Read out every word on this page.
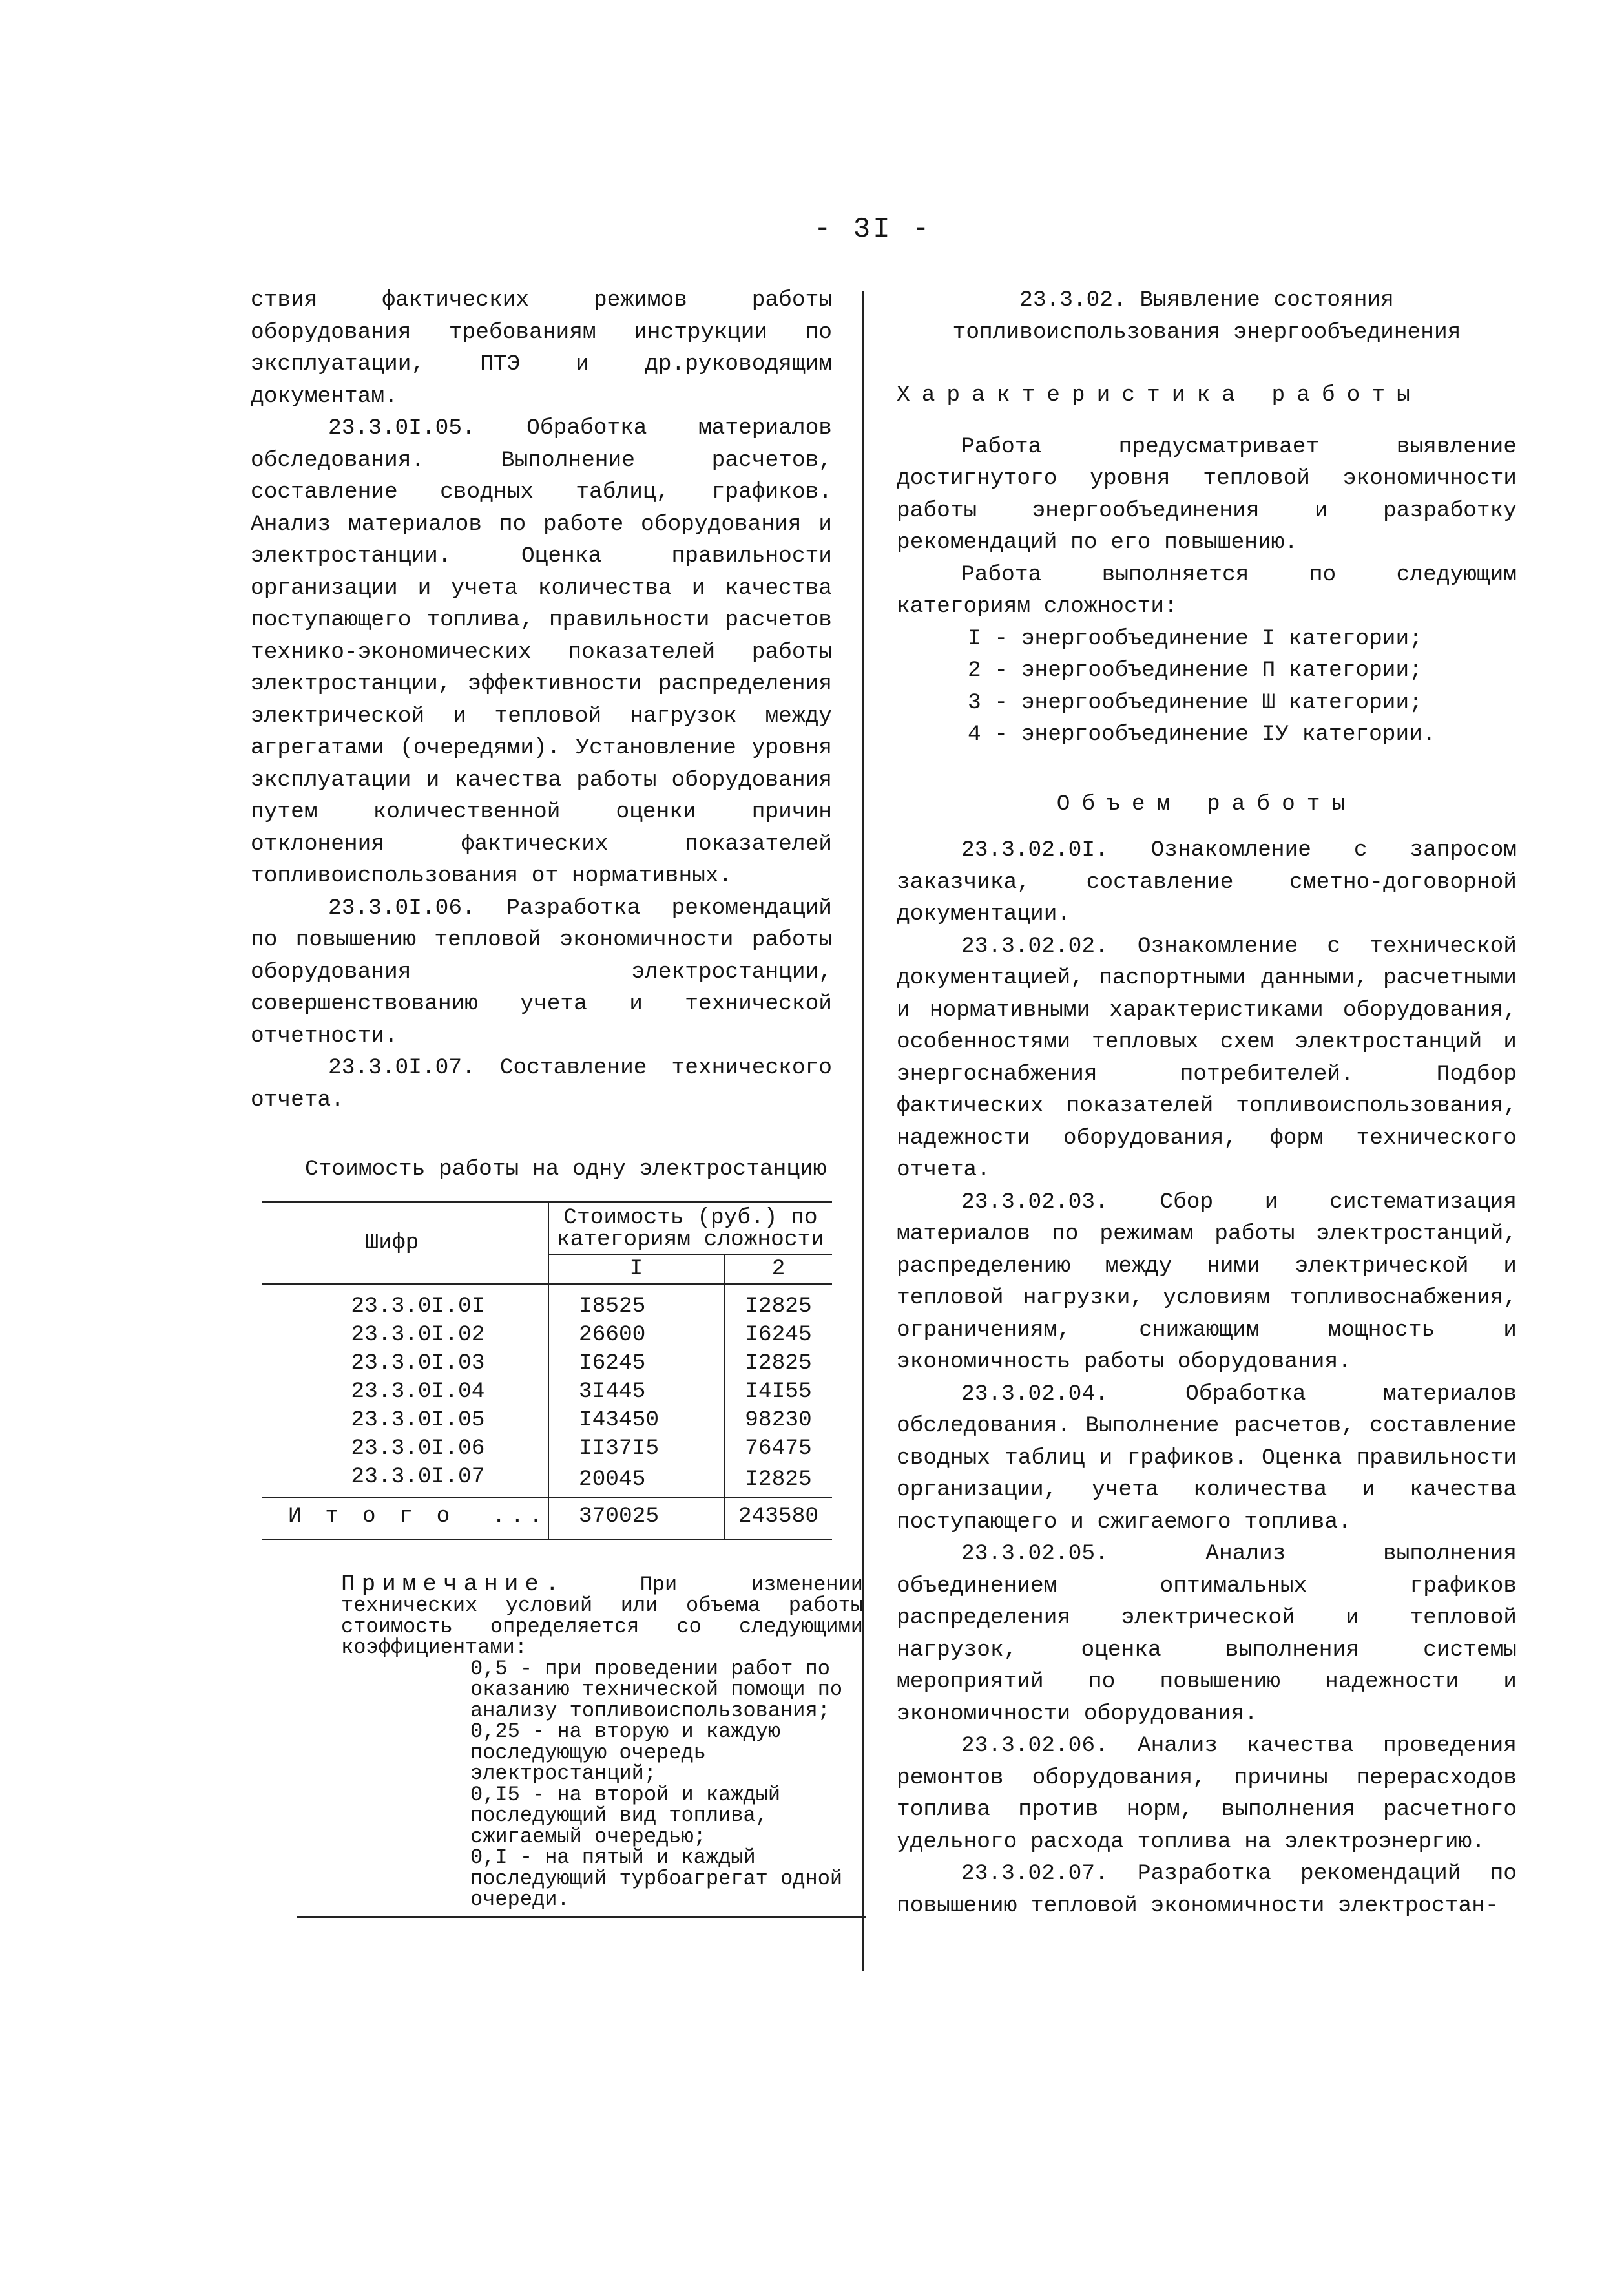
- 3I -

ствия фактических режимов работы оборудования требованиям инструкции по эксплуатации, ПТЭ и др.руководящим документам.

23.3.0I.05. Обработка материалов обследования. Выполнение расчетов, составление сводных таблиц, графиков. Анализ материалов по работе оборудования и электростанции. Оценка правильности организации и учета количества и качества поступающего топлива, правильности расчетов технико-экономических показателей работы электростанции, эффективности распределения электрической и тепловой нагрузок между агрегатами (очередями). Установление уровня эксплуатации и качества работы оборудования путем количественной оценки причин отклонения фактических показателей топливоиспользования от нормативных.

23.3.0I.06. Разработка рекомендаций по повышению тепловой экономичности работы оборудования электростанции, совершенствованию учета и технической отчетности.

23.3.0I.07. Составление технического отчета.

Стоимость работы на одну электростанцию
Шифр	Стоимость (руб.) по категориям сложности	
	I	2

23.3.0I.0I	I8525	I2825
23.3.0I.02	26600	I6245
23.3.0I.03	I6245	I2825
23.3.0I.04	3I445	I4I55
23.3.0I.05	I43450	98230
23.3.0I.06	II37I5	76475
23.3.0I.07	20045	I2825
И т о г о  ...	370025	243580
Примечание.	При изменении технических условий или объема работы стоимость определяется со следующими коэффициентами:
0,5 - при проведении работ по оказанию технической помощи по анализу топливоиспользования;
0,25 - на вторую и каждую последующую очередь электростанций;
0,I5 - на второй и каждый последующий вид топлива, сжигаемый очередью;
0,I - на пятый и каждый последующий турбоагрегат одной очереди.

23.3.02. Выявление состояния топливоиспользования энергообъединения

Характеристика работы

Работа предусматривает выявление достигнутого уровня тепловой экономичности работы энергообъединения и разработку рекомендаций по его повышению.

Работа выполняется по следующим категориям сложности:

I - энергообъединение I категории;
2 - энергообъединение П категории;
3 - энергообъединение Ш категории;
4 - энергообъединение IУ категории.
Объем работы

23.3.02.0I. Ознакомление с запросом заказчика, составление сметно-договорной документации.

23.3.02.02. Ознакомление с технической документацией, паспортными данными, расчетными и нормативными характеристиками оборудования, особенностями тепловых схем электростанций и энергоснабжения потребителей. Подбор фактических показателей топливоиспользования, надежности оборудования, форм технического отчета.

23.3.02.03. Сбор и систематизация материалов по режимам работы электростанций, распределению между ними электрической и тепловой нагрузки, условиям топливоснабжения, ограничениям, снижающим мощность и экономичность работы оборудования.

23.3.02.04. Обработка материалов обследования. Выполнение расчетов, составление сводных таблиц и графиков. Оценка правильности организации, учета количества и качества поступающего и сжигаемого топлива.

23.3.02.05. Анализ выполнения объединением оптимальных графиков распределения электрической и тепловой нагрузок, оценка выполнения системы мероприятий по повышению надежности и экономичности оборудования.

23.3.02.06. Анализ качества проведения ремонтов оборудования, причины перерасходов топлива против норм, выполнения расчетного удельного расхода топлива на электроэнергию.

23.3.02.07. Разработка рекомендаций по повышению тепловой экономичности электростан-
